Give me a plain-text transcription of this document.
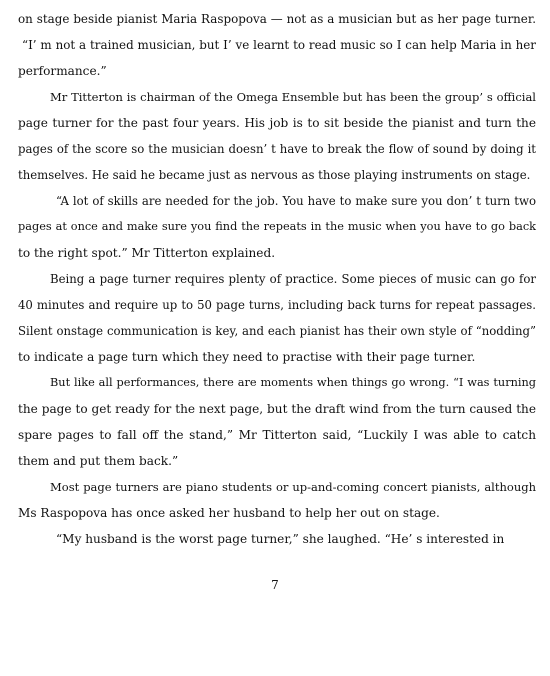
on stage beside pianist Maria Raspopova — not as a musician but as her page turner.
“I’ m not a trained musician, but I’ ve learnt to read music so I can help Maria in her
performance.”
Mr Titterton is chairman of the Omega Ensemble but has been the group’ s official
page turner for the past four years. His job is to sit beside the pianist and turn the
pages of the score so the musician doesn’ t have to break the flow of sound by doing it
themselves. He said he became just as nervous as those playing instruments on stage.
“A lot of skills are needed for the job. You have to make sure you don’ t turn two
pages at once and make sure you find the repeats in the music when you have to go back
to the right spot.” Mr Titterton explained.
Being a page turner requires plenty of practice. Some pieces of music can go for
40 minutes and require up to 50 page turns, including back turns for repeat passages.
Silent onstage communication is key, and each pianist has their own style of “nodding”
to indicate a page turn which they need to practise with their page turner.
But like all performances, there are moments when things go wrong. “I was turning
the page to get ready for the next page, but the draft wind from the turn caused the
spare pages to fall off the stand,” Mr Titterton said, “Luckily I was able to catch
them and put them back.”
Most page turners are piano students or up-and-coming concert pianists, although
Ms Raspopova has once asked her husband to help her out on stage.
“My husband is the worst page turner,” she laughed. “He’ s interested in
7
